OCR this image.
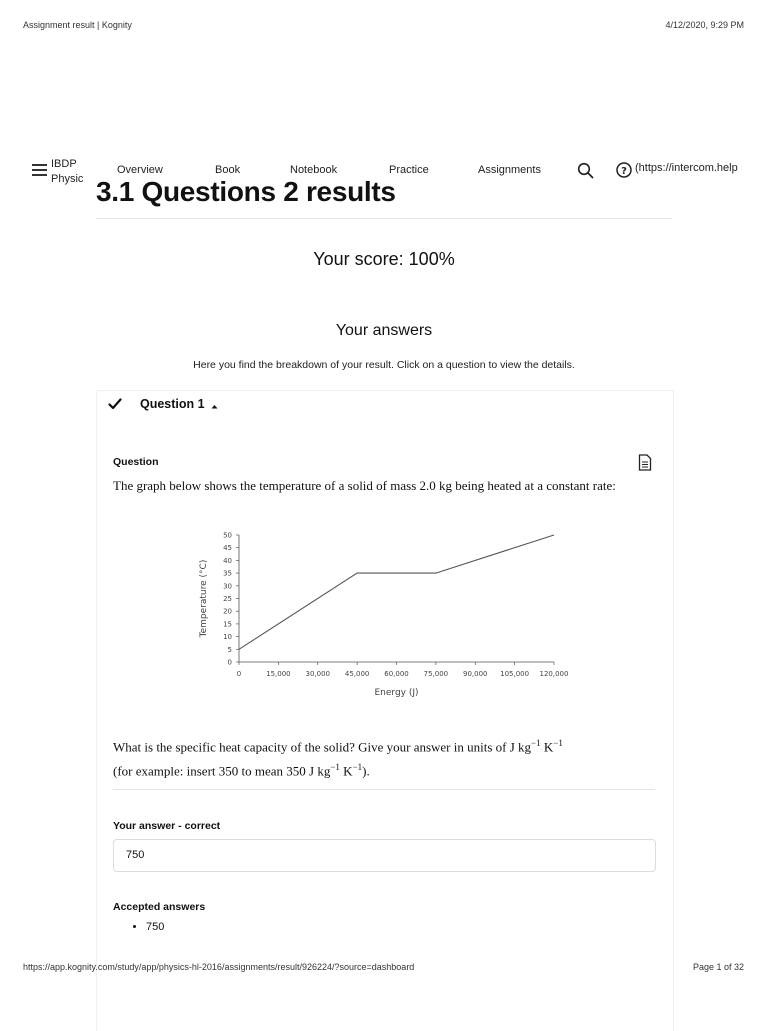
Assignment result | Kognity	4/12/2020, 9:29 PM
IBDP
Physic
Overview	Book	Notebook	Practice	Assignments	? (https://intercom.help
3.1 Questions 2 results
Your score: 100%
Your answers
Here you find the breakdown of your result. Click on a question to view the details.
Question 1
Question
The graph below shows the temperature of a solid of mass 2.0 kg being heated at a constant rate:
0
5
10
15
20
25
30
35
40
45
50
0	15,000 30,000 45,000 60,000 75,000 90,000 105,000 120,000
Energy (J)
Temperature (°C)
What is the specific heat capacity of the solid? Give your answer in units of J $kg^{-1}$ $K^{-1}$
(for example: insert 350 to mean 350 J $kg^{-1}$ $K^{-1}$).
Your answer - correct
750
Accepted answers
• 750
https://app.kognity.com/study/app/physics-hl-2016/assignments/result/926224/?source=dashboard	Page 1 of 32
